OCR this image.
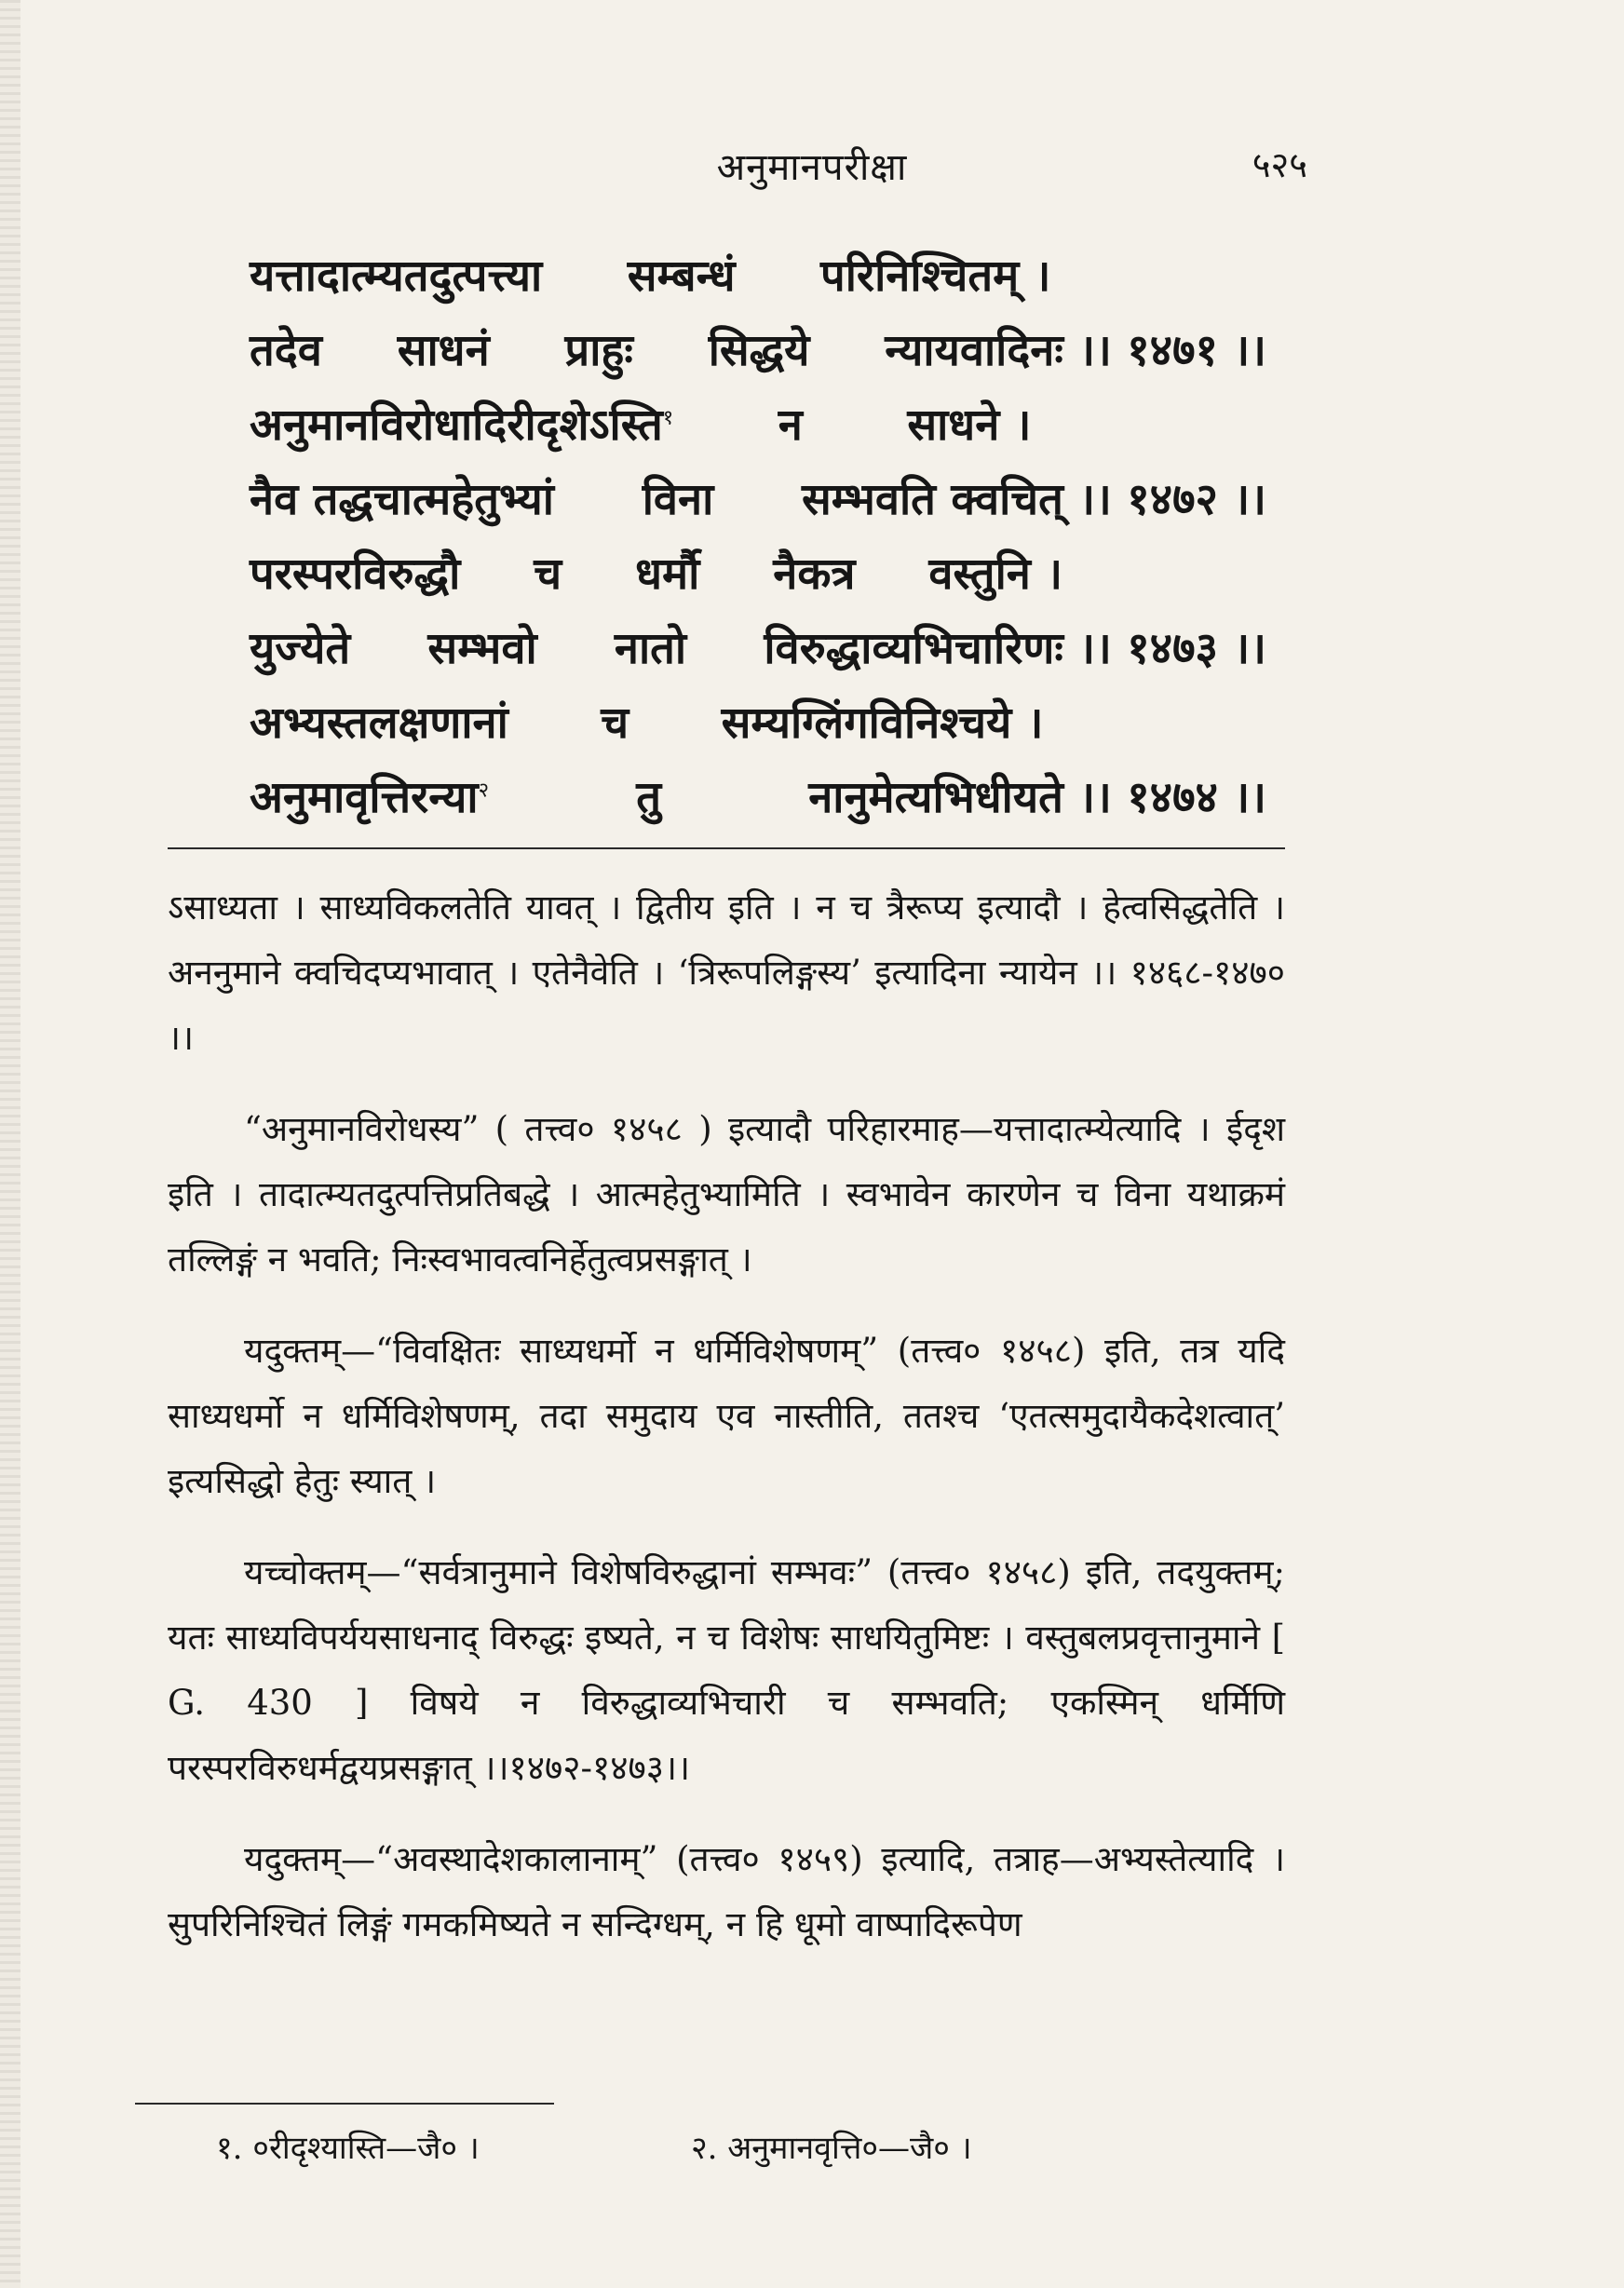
अनुमानपरीक्षा	५२५
यत्तादात्म्यतदुत्पत्त्या सम्बन्धं परिनिश्चितम् ।
तदेव साधनं प्राहुः सिद्धये न्यायवादिनः ।। १४७१ ।।
अनुमानविरोधादिरीदृशेऽस्ति$^१$ न साधने ।
नैव तद्धचात्महेतुभ्यां विना सम्भवति क्वचित् ।। १४७२ ।।
परस्परविरुद्धौ च धर्मौ नैकत्र वस्तुनि ।
युज्येते सम्भवो नातो विरुद्धाव्यभिचारिणः ।। १४७३ ।।
अभ्यस्तलक्षणानां च सम्यग्लिंगविनिश्चये ।
अनुमावृत्तिरन्या$^२$	तु	नानुमेत्यभिधीयते ।। १४७४ ।।

ऽसाध्यता । साध्यविकलतेति यावत् । द्वितीय इति । न च त्रैरूप्य इत्यादौ । हेत्वसिद्धतेति । अननुमाने क्वचिदप्यभावात् । एतेनैवेति । ‘त्रिरूपलिङ्गस्य’ इत्यादिना न्यायेन ।। १४६८-१४७० ।।

“अनुमानविरोधस्य” ( तत्त्व० १४५८ ) इत्यादौ परिहारमाह—यत्तादात्म्येत्यादि । ईदृश इति । तादात्म्यतदुत्पत्तिप्रतिबद्धे । आत्महेतुभ्यामिति । स्वभावेन कारणेन च विना यथाक्रमं तल्लिङ्गं न भवति; निःस्वभावत्वनिर्हेतुत्वप्रसङ्गात् ।

यदुक्तम्—“विवक्षितः साध्यधर्मो न धर्मिविशेषणम्” (तत्त्व० १४५८) इति, तत्र यदि साध्यधर्मो न धर्मिविशेषणम्, तदा समुदाय एव नास्तीति, ततश्च ‘एतत्समुदायैकदेशत्वात्’ इत्यसिद्धो हेतुः स्यात् ।

यच्चोक्तम्—“सर्वत्रानुमाने विशेषविरुद्धानां सम्भवः” (तत्त्व० १४५८) इति, तदयुक्तम्; यतः साध्यविपर्ययसाधनाद् विरुद्धः इष्यते, न च विशेषः साधयितुमिष्टः । वस्तुबलप्रवृत्तानुमाने [ G. 430 ] विषये न विरुद्धाव्यभिचारी च सम्भवति; एकस्मिन् धर्मिणि परस्परविरुधर्मद्वयप्रसङ्गात् ।।१४७२-१४७३।।

यदुक्तम्—“अवस्थादेशकालानाम्” (तत्त्व० १४५९) इत्यादि, तत्राह—अभ्यस्तेत्यादि । सुपरिनिश्चितं लिङ्गं गमकमिष्यते न सन्दिग्धम्, न हि धूमो वाष्पादिरूपेण

१. ०रीदृश्यास्ति—जै० ।	२. अनुमानवृत्ति०—जै० ।
